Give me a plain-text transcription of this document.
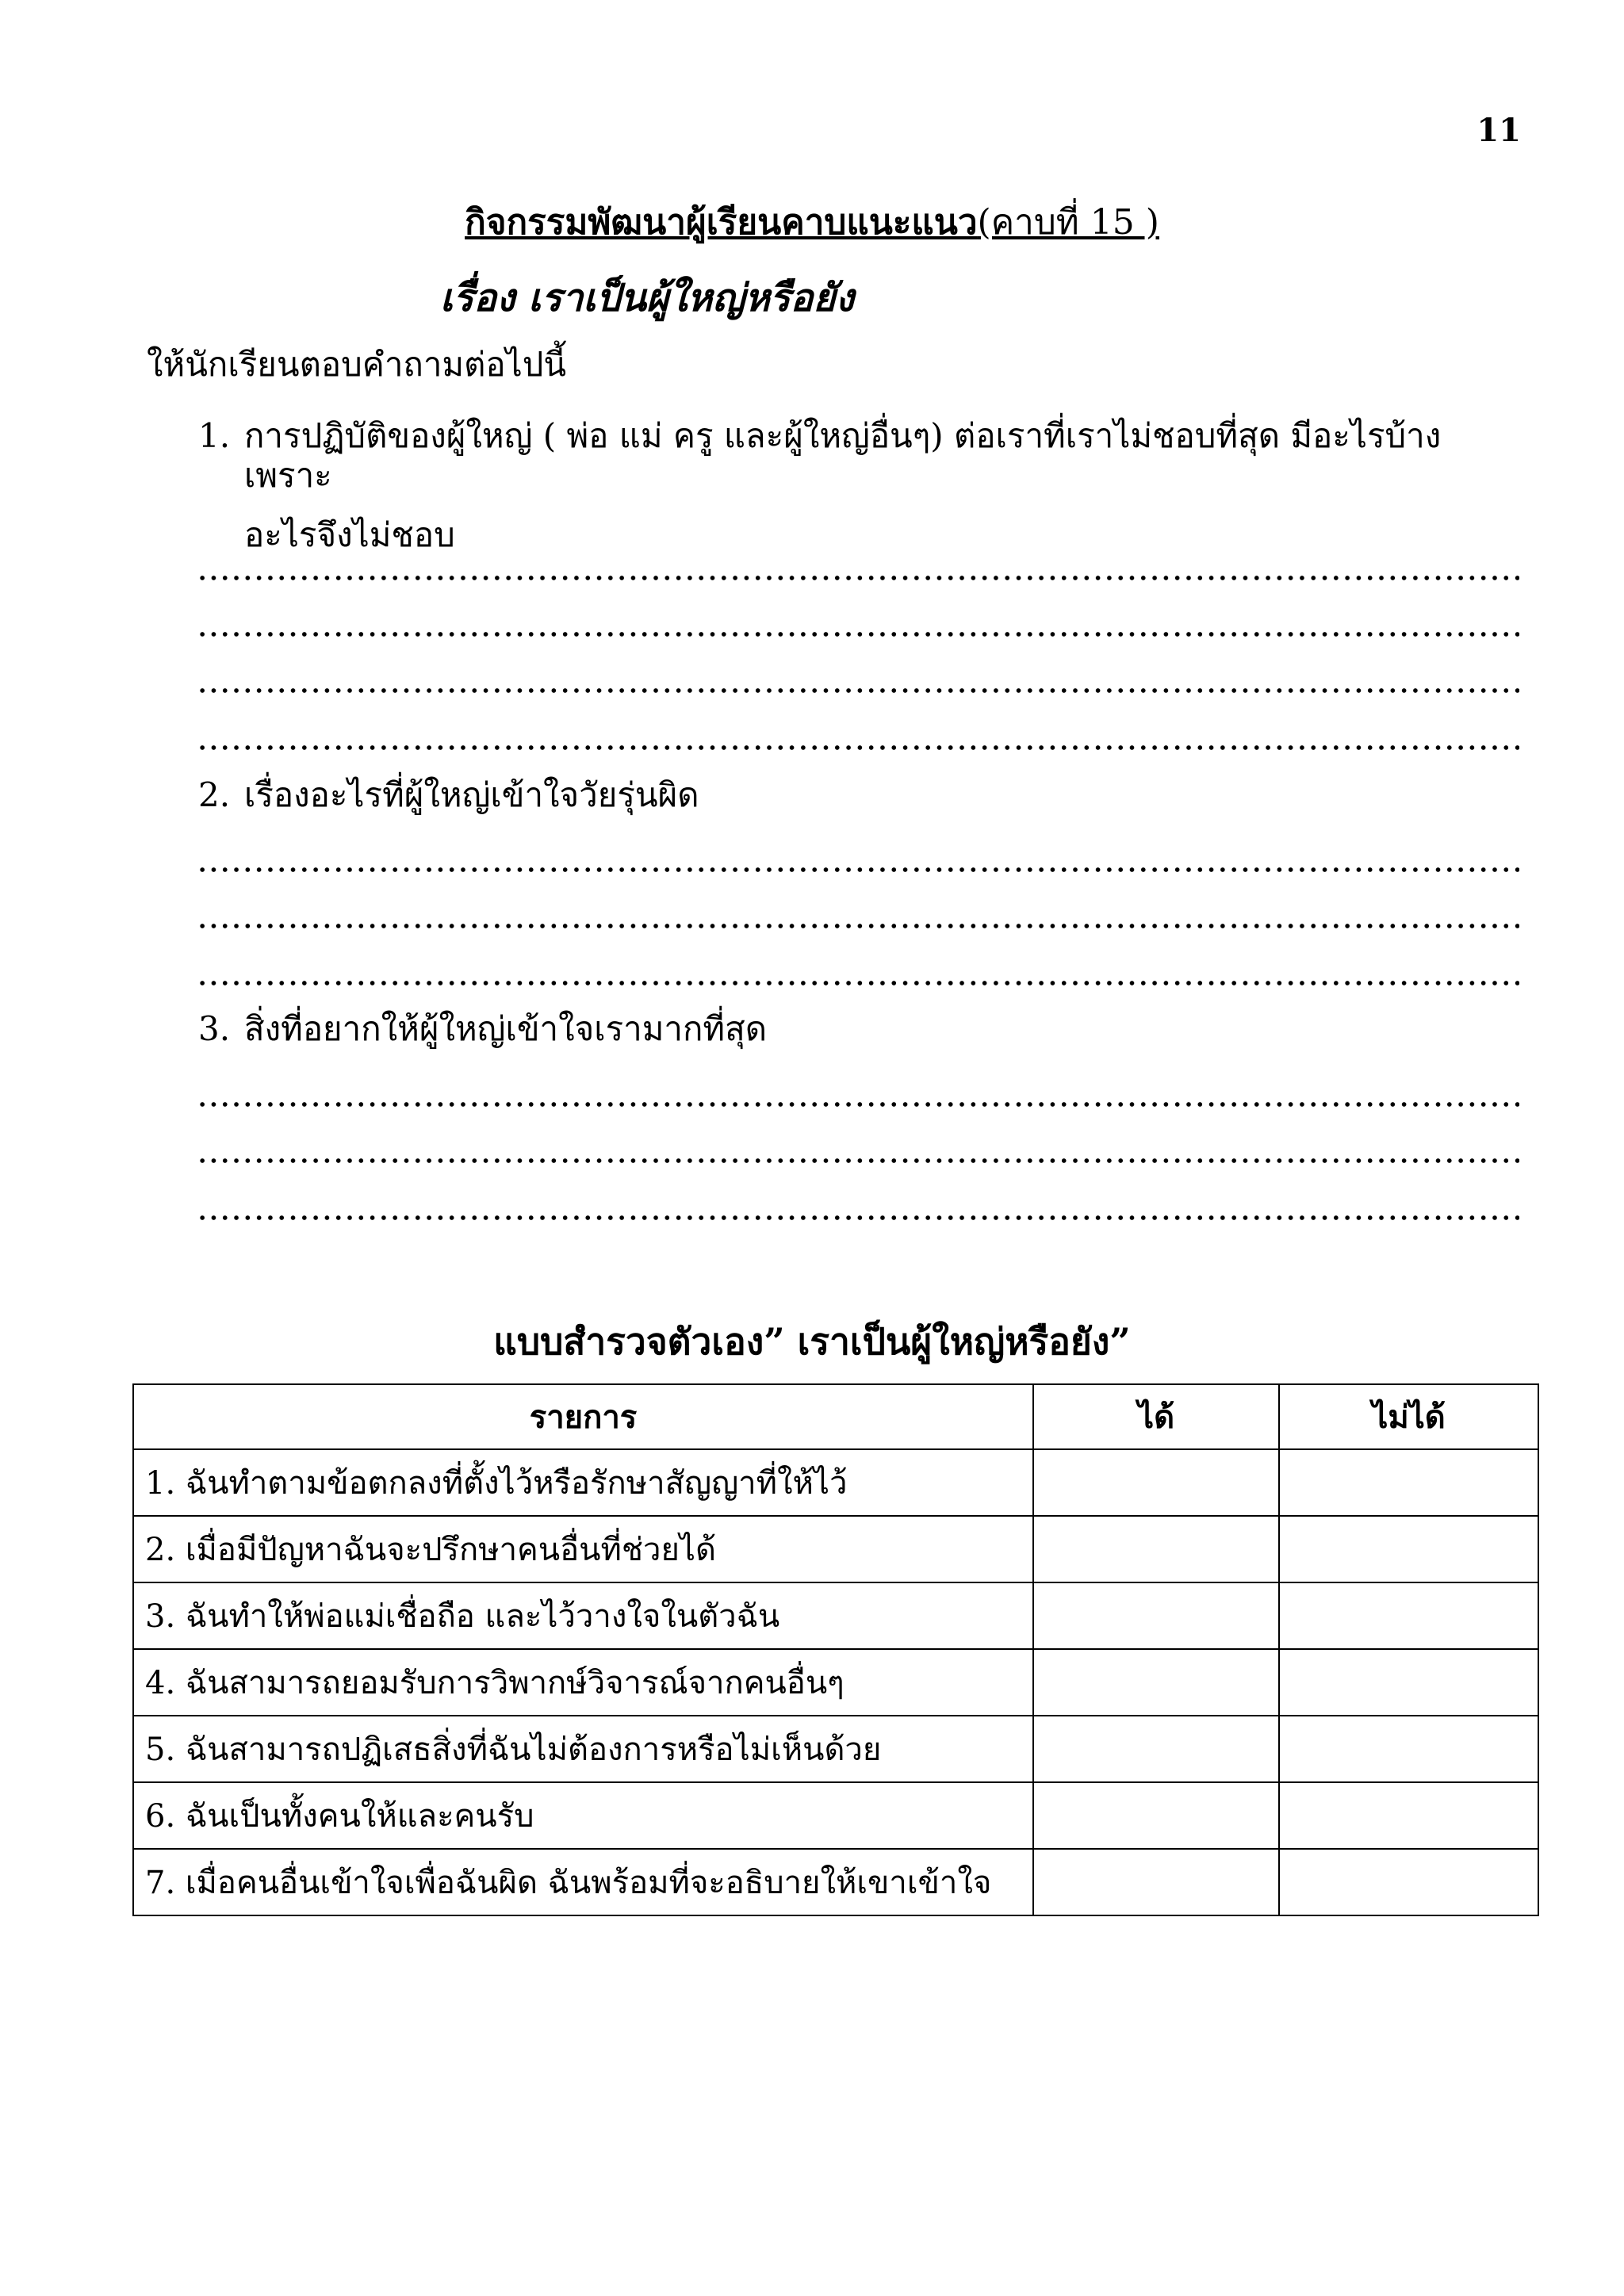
11
กิจกรรมพัฒนาผู้เรียนคาบแนะแนว(คาบที่ 15 )
เรื่อง เราเป็นผู้ใหญ่หรือยัง
ให้นักเรียนตอบคำถามต่อไปนี้
1. การปฏิบัติของผู้ใหญ่ ( พ่อ แม่ ครู และผู้ใหญ่อื่นๆ) ต่อเราที่เราไม่ชอบที่สุด มีอะไรบ้าง เพราะ
อะไรจึงไม่ชอบ
2. เรื่องอะไรที่ผู้ใหญ่เข้าใจวัยรุ่นผิด
3. สิ่งที่อยากให้ผู้ใหญ่เข้าใจเรามากที่สุด
แบบสำรวจตัวเอง” เราเป็นผู้ใหญ่หรือยัง”
รายการ	ได้	ไม่ได้
1. ฉันทำตามข้อตกลงที่ตั้งไว้หรือรักษาสัญญาที่ให้ไว้		
2. เมื่อมีปัญหาฉันจะปรึกษาคนอื่นที่ช่วยได้		
3. ฉันทำให้พ่อแม่เชื่อถือ และไว้วางใจในตัวฉัน		
4. ฉันสามารถยอมรับการวิพากษ์วิจารณ์จากคนอื่นๆ		
5. ฉันสามารถปฏิเสธสิ่งที่ฉันไม่ต้องการหรือไม่เห็นด้วย		
6. ฉันเป็นทั้งคนให้และคนรับ		
7. เมื่อคนอื่นเข้าใจเพื่อฉันผิด ฉันพร้อมที่จะอธิบายให้เขาเข้าใจ		
